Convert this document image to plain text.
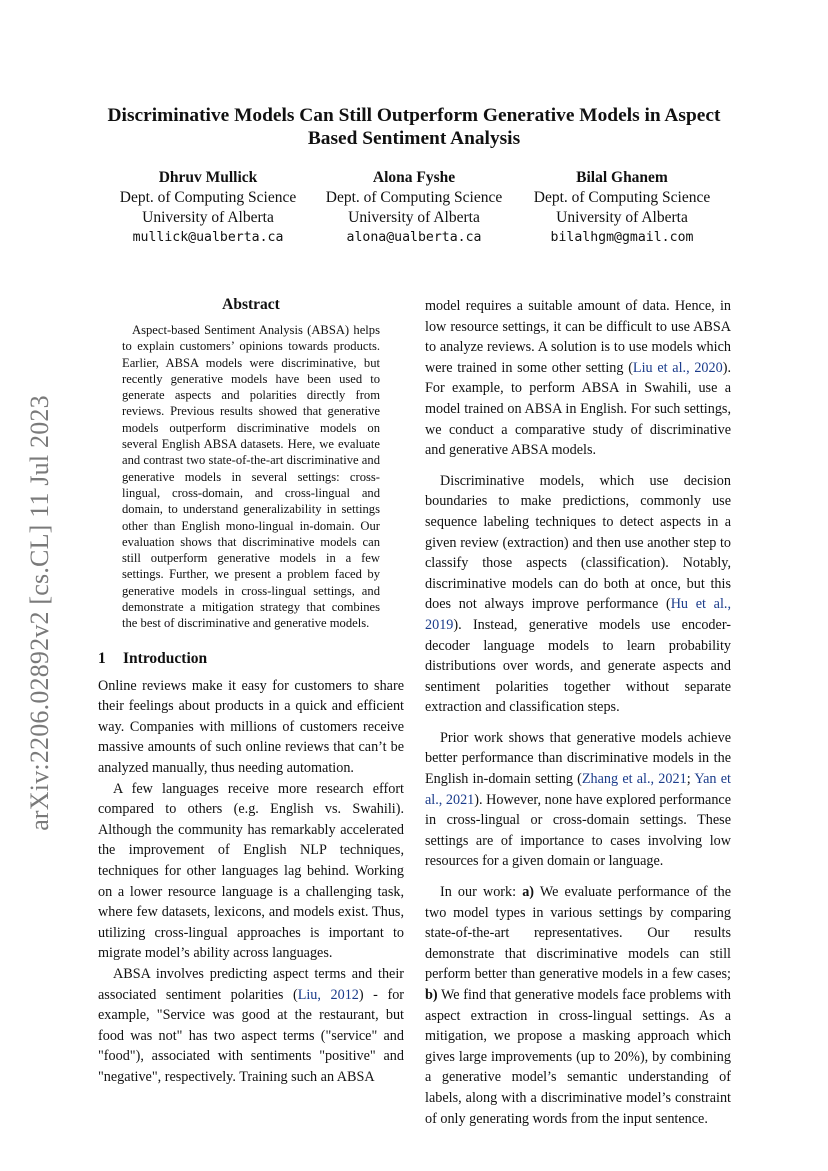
arXiv:2206.02892v2 [cs.CL] 11 Jul 2023
Discriminative Models Can Still Outperform Generative Models in Aspect
Based Sentiment Analysis
Dhruv Mullick
Dept. of Computing Science
University of Alberta
mullick@ualberta.ca
Alona Fyshe
Dept. of Computing Science
University of Alberta
alona@ualberta.ca
Bilal Ghanem
Dept. of Computing Science
University of Alberta
bilalhgm@gmail.com
Abstract

Aspect-based Sentiment Analysis (ABSA) helps to explain customers’ opinions towards products. Earlier, ABSA models were discriminative, but recently generative models have been used to generate aspects and polarities directly from reviews. Previous results showed that generative models outperform discriminative models on several English ABSA datasets. Here, we evaluate and contrast two state-of-the-art discriminative and generative models in several settings: cross-lingual, cross-domain, and cross-lingual and domain, to understand generalizability in settings other than English mono-lingual in-domain. Our evaluation shows that discriminative models can still outperform generative models in a few settings. Further, we present a problem faced by generative models in cross-lingual settings, and demonstrate a mitigation strategy that combines the best of discriminative and generative models.

1 Introduction

Online reviews make it easy for customers to share their feelings about products in a quick and efficient way. Companies with millions of customers receive massive amounts of such online reviews that can’t be analyzed manually, thus needing automation.

A few languages receive more research effort compared to others (e.g. English vs. Swahili). Although the community has remarkably accelerated the improvement of English NLP techniques, techniques for other languages lag behind. Working on a lower resource language is a challenging task, where few datasets, lexicons, and models exist. Thus, utilizing cross-lingual approaches is important to migrate model’s ability across languages.

ABSA involves predicting aspect terms and their associated sentiment polarities (Liu, 2012) - for example, "Service was good at the restaurant, but food was not" has two aspect terms ("service" and "food"), associated with sentiments "positive" and "negative", respectively. Training such an ABSA

model requires a suitable amount of data. Hence, in low resource settings, it can be difficult to use ABSA to analyze reviews. A solution is to use models which were trained in some other setting (Liu et al., 2020). For example, to perform ABSA in Swahili, use a model trained on ABSA in English. For such settings, we conduct a comparative study of discriminative and generative ABSA models.

Discriminative models, which use decision boundaries to make predictions, commonly use sequence labeling techniques to detect aspects in a given review (extraction) and then use another step to classify those aspects (classification). Notably, discriminative models can do both at once, but this does not always improve performance (Hu et al., 2019). Instead, generative models use encoder-decoder language models to learn probability distributions over words, and generate aspects and sentiment polarities together without separate extraction and classification steps.

Prior work shows that generative models achieve better performance than discriminative models in the English in-domain setting (Zhang et al., 2021; Yan et al., 2021). However, none have explored performance in cross-lingual or cross-domain settings. These settings are of importance to cases involving low resources for a given domain or language.

In our work: a) We evaluate performance of the two model types in various settings by comparing state-of-the-art representatives. Our results demonstrate that discriminative models can still perform better than generative models in a few cases; b) We find that generative models face problems with aspect extraction in cross-lingual settings. As a mitigation, we propose a masking approach which gives large improvements (up to 20%), by combining a generative model’s semantic understanding of labels, along with a discriminative model’s constraint of only generating words from the input sentence.
